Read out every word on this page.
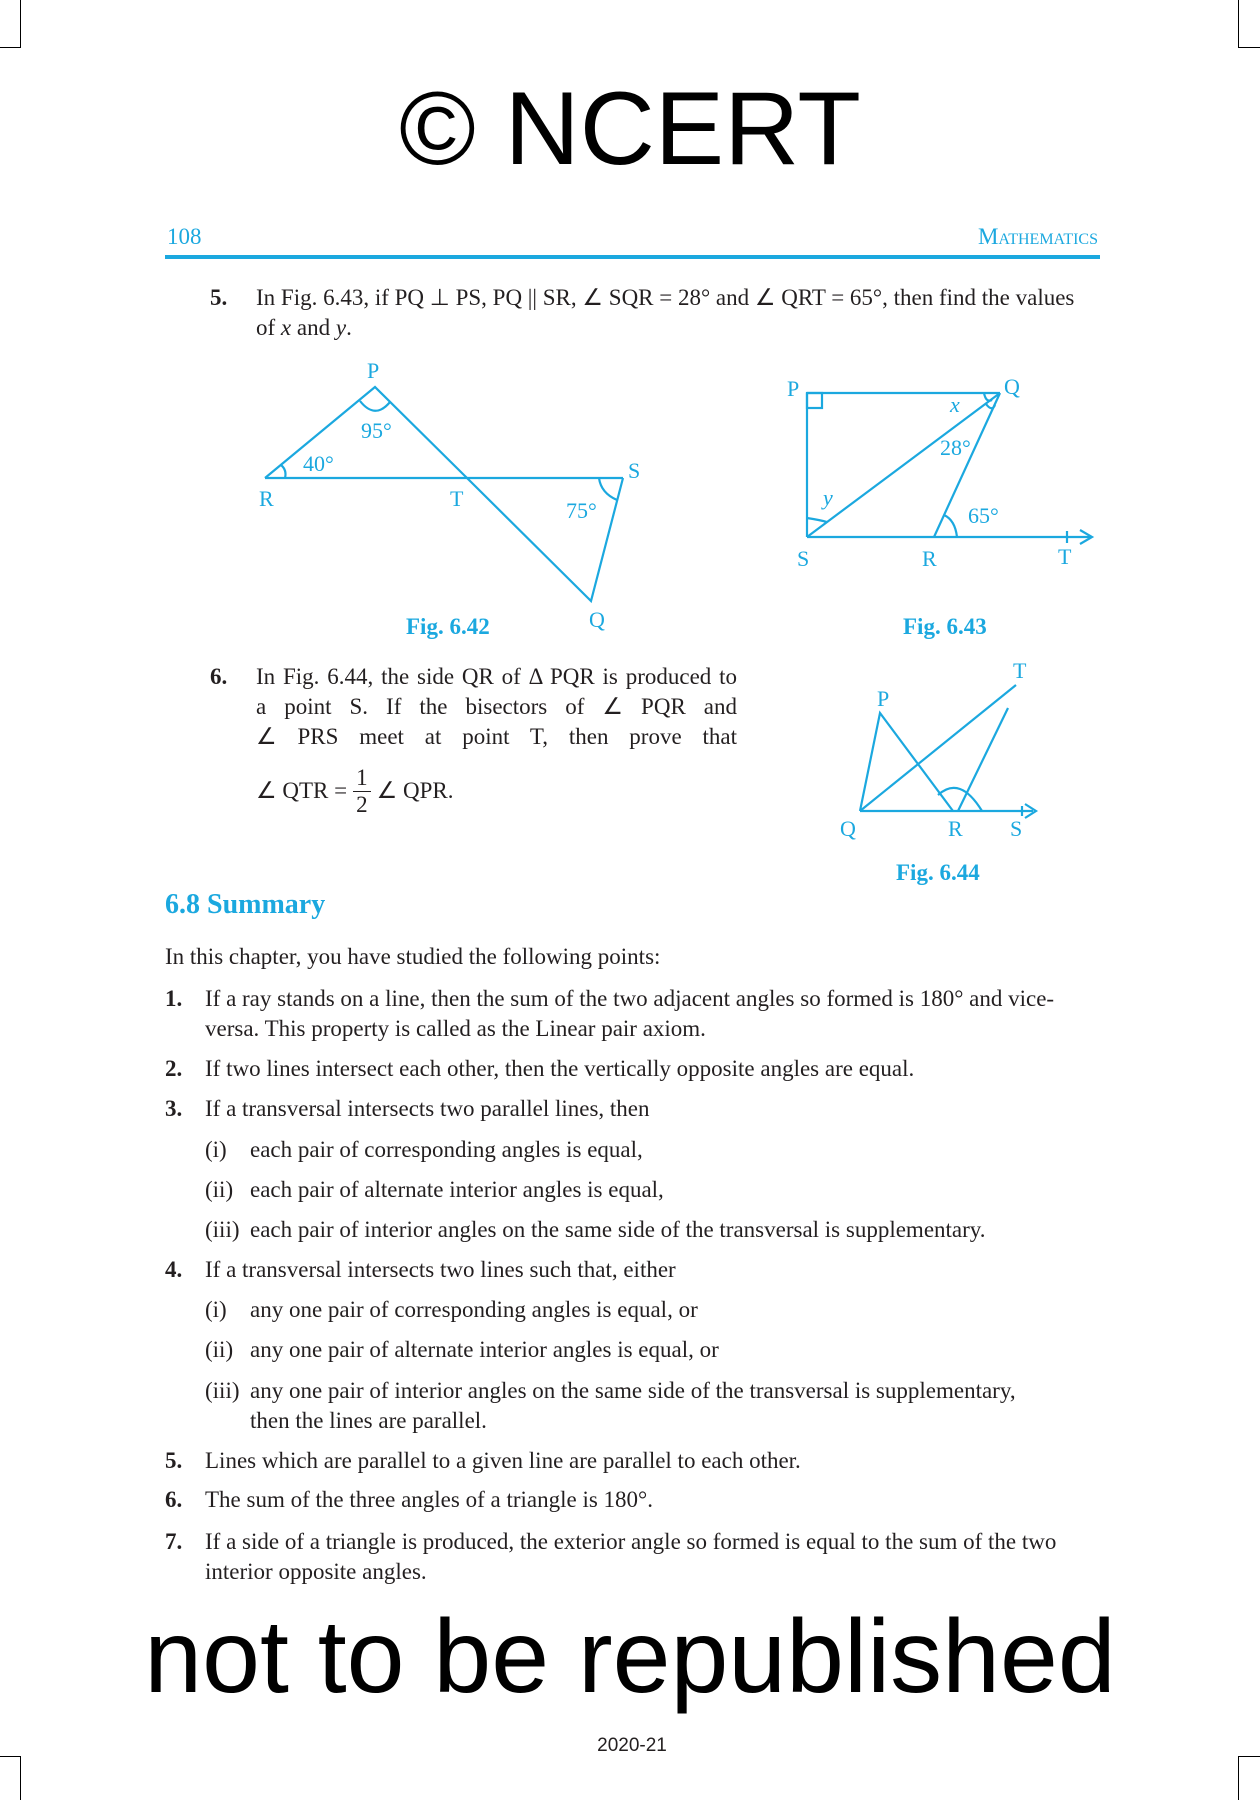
© NCERT
not to be republished
108	Mathematics
5. In Fig. 6.43, if PQ ⊥ PS, PQ || SR, ∠ SQR = 28° and ∠ QRT = 65°, then find the values
of x and y.
P
R	T
S
Q
95°
40°
75°
P	Q
S	R	T
x
28°
y
65°
P
Q	R S
T
Fig. 6.42	Fig. 6.43
Fig. 6.44
6. In Fig. 6.44, the side QR of Δ PQR is produced to
a point S. If the bisectors of ∠ PQR and
∠ PRS meet at point T, then prove that
∠ QTR = $\frac{1}{2}$ ∠ QPR.
6.8 Summary
In this chapter, you have studied the following points:
1. If a ray stands on a line, then the sum of the two adjacent angles so formed is 180° and vice-
versa. This property is called as the Linear pair axiom.
2. If two lines intersect each other, then the vertically opposite angles are equal.
3. If a transversal intersects two parallel lines, then
(i) each pair of corresponding angles is equal,
(ii) each pair of alternate interior angles is equal,
(iii) each pair of interior angles on the same side of the transversal is supplementary.
4. If a transversal intersects two lines such that, either
(i) any one pair of corresponding angles is equal, or
(ii) any one pair of alternate interior angles is equal, or
(iii) any one pair of interior angles on the same side of the transversal is supplementary,
then the lines are parallel.
5. Lines which are parallel to a given line are parallel to each other.
6. The sum of the three angles of a triangle is 180°.
7. If a side of a triangle is produced, the exterior angle so formed is equal to the sum of the two
interior opposite angles.
2020-21
